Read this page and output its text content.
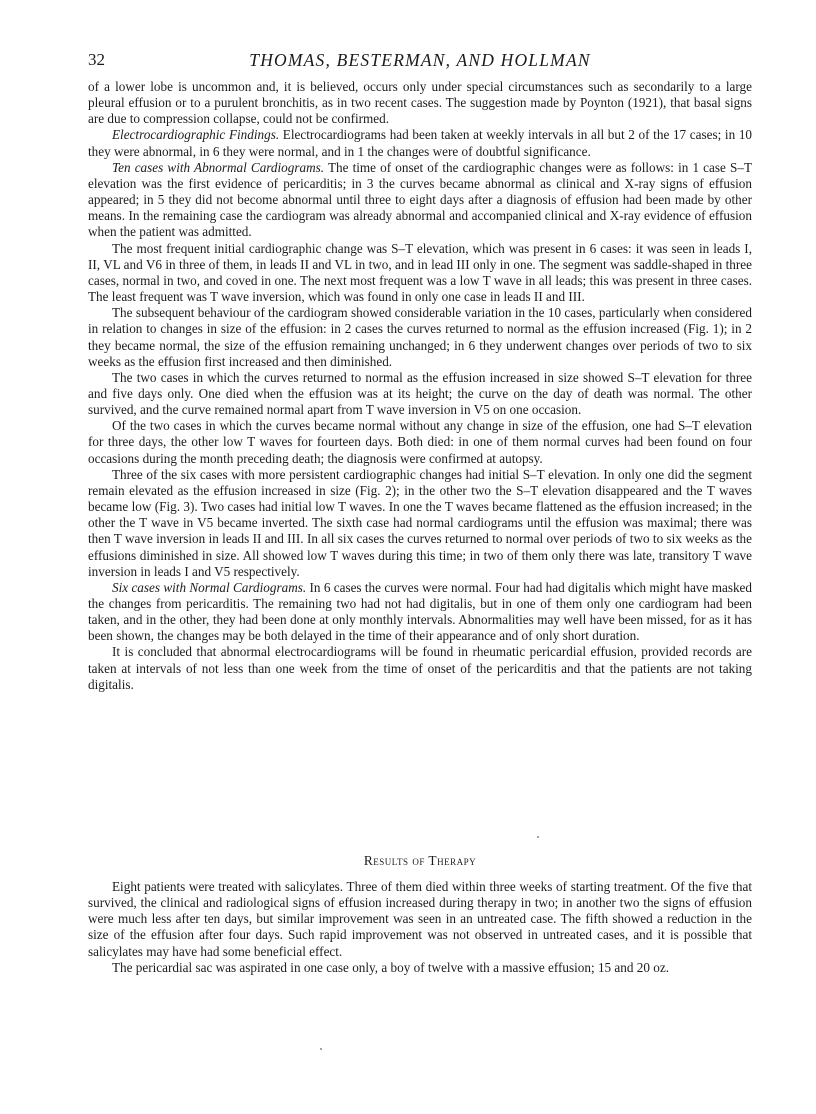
32	THOMAS, BESTERMAN, AND HOLLMAN

of a lower lobe is uncommon and, it is believed, occurs only under special circumstances such as secondarily to a large pleural effusion or to a purulent bronchitis, as in two recent cases. The suggestion made by Poynton (1921), that basal signs are due to compression collapse, could not be confirmed.

Electrocardiographic Findings. Electrocardiograms had been taken at weekly intervals in all but 2 of the 17 cases; in 10 they were abnormal, in 6 they were normal, and in 1 the changes were of doubtful significance.

Ten cases with Abnormal Cardiograms. The time of onset of the cardiographic changes were as follows: in 1 case S–T elevation was the first evidence of pericarditis; in 3 the curves became abnormal as clinical and X-ray signs of effusion appeared; in 5 they did not become abnormal until three to eight days after a diagnosis of effusion had been made by other means. In the remaining case the cardiogram was already abnormal and accompanied clinical and X-ray evidence of effusion when the patient was admitted.

The most frequent initial cardiographic change was S–T elevation, which was present in 6 cases: it was seen in leads I, II, VL and V6 in three of them, in leads II and VL in two, and in lead III only in one. The segment was saddle-shaped in three cases, normal in two, and coved in one. The next most frequent was a low T wave in all leads; this was present in three cases. The least frequent was T wave inversion, which was found in only one case in leads II and III.

The subsequent behaviour of the cardiogram showed considerable variation in the 10 cases, particularly when considered in relation to changes in size of the effusion: in 2 cases the curves returned to normal as the effusion increased (Fig. 1); in 2 they became normal, the size of the effusion remaining unchanged; in 6 they underwent changes over periods of two to six weeks as the effusion first increased and then diminished.

The two cases in which the curves returned to normal as the effusion increased in size showed S–T elevation for three and five days only. One died when the effusion was at its height; the curve on the day of death was normal. The other survived, and the curve remained normal apart from T wave inversion in V5 on one occasion.

Of the two cases in which the curves became normal without any change in size of the effusion, one had S–T elevation for three days, the other low T waves for fourteen days. Both died: in one of them normal curves had been found on four occasions during the month preceding death; the diagnosis were confirmed at autopsy.

Three of the six cases with more persistent cardiographic changes had initial S–T elevation. In only one did the segment remain elevated as the effusion increased in size (Fig. 2); in the other two the S–T elevation disappeared and the T waves became low (Fig. 3). Two cases had initial low T waves. In one the T waves became flattened as the effusion increased; in the other the T wave in V5 became inverted. The sixth case had normal cardiograms until the effusion was maximal; there was then T wave inversion in leads II and III. In all six cases the curves returned to normal over periods of two to six weeks as the effusions diminished in size. All showed low T waves during this time; in two of them only there was late, transitory T wave inversion in leads I and V5 respectively.

Six cases with Normal Cardiograms. In 6 cases the curves were normal. Four had had digitalis which might have masked the changes from pericarditis. The remaining two had not had digitalis, but in one of them only one cardiogram had been taken, and in the other, they had been done at only monthly intervals. Abnormalities may well have been missed, for as it has been shown, the changes may be both delayed in the time of their appearance and of only short duration.

It is concluded that abnormal electrocardiograms will be found in rheumatic pericardial effusion, provided records are taken at intervals of not less than one week from the time of onset of the pericarditis and that the patients are not taking digitalis.

Results of Therapy

Eight patients were treated with salicylates. Three of them died within three weeks of starting treatment. Of the five that survived, the clinical and radiological signs of effusion increased during therapy in two; in another two the signs of effusion were much less after ten days, but similar improvement was seen in an untreated case. The fifth showed a reduction in the size of the effusion after four days. Such rapid improvement was not observed in untreated cases, and it is possible that salicylates may have had some beneficial effect.

The pericardial sac was aspirated in one case only, a boy of twelve with a massive effusion; 15 and 20 oz.
